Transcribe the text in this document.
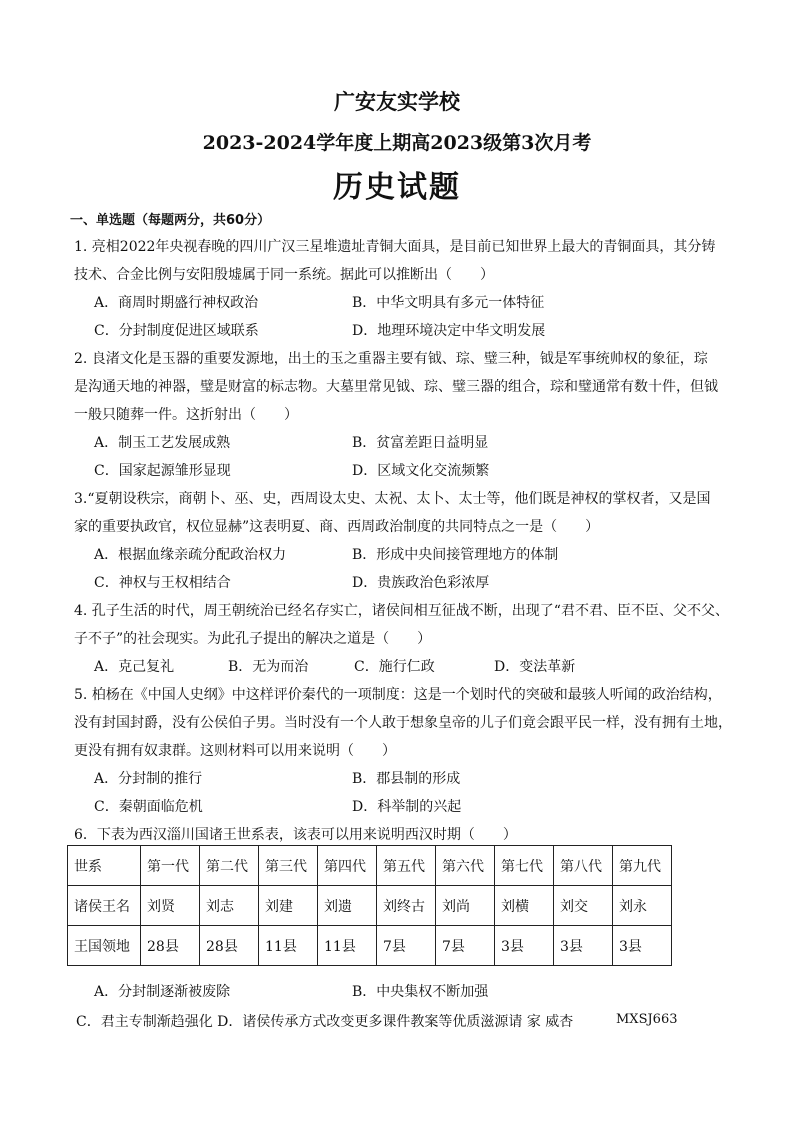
广安友实学校
2023-2024学年度上期高2023级第3次月考
历史试题
一、单选题（每题两分，共60分）
1. 亮相2022年央视春晚的四川广汉三星堆遗址青铜大面具，是目前已知世界上最大的青铜面具，其分铸
技术、合金比例与安阳殷墟属于同一系统。据此可以推断出（　　）
A．商周时期盛行神权政治	B．中华文明具有多元一体特征
C．分封制度促进区域联系	D．地理环境决定中华文明发展
2. 良渚文化是玉器的重要发源地，出土的玉之重器主要有钺、琮、璧三种，钺是军事统帅权的象征，琮
是沟通天地的神器，璧是财富的标志物。大墓里常见钺、琮、璧三器的组合，琮和璧通常有数十件，但钺
一般只随葬一件。这折射出（　　）
A．制玉工艺发展成熟	B．贫富差距日益明显
C．国家起源雏形显现	D．区域文化交流频繁
3.“夏朝设秩宗，商朝卜、巫、史，西周设太史、太祝、太卜、太士等，他们既是神权的掌权者，又是国
家的重要执政官，权位显赫”这表明夏、商、西周政治制度的共同特点之一是（　　）
A．根据血缘亲疏分配政治权力	B．形成中央间接管理地方的体制
C．神权与王权相结合	D．贵族政治色彩浓厚
4. 孔子生活的时代，周王朝统治已经名存实亡，诸侯间相互征战不断，出现了“君不君、臣不臣、父不父、
子不子”的社会现实。为此孔子提出的解决之道是（　　）
A．克己复礼	B．无为而治	C．施行仁政	D．变法革新
5. 柏杨在《中国人史纲》中这样评价秦代的一项制度：这是一个划时代的突破和最骇人听闻的政治结构，
没有封国封爵，没有公侯伯子男。当时没有一个人敢于想象皇帝的儿子们竟会跟平民一样，没有拥有土地，
更没有拥有奴隶群。这则材料可以用来说明（　　）
A．分封制的推行	B．郡县制的形成
C．秦朝面临危机	D．科举制的兴起
6．下表为西汉淄川国诸王世系表，该表可以用来说明西汉时期（　　）
世系	第一代	第二代	第三代	第四代	第五代	第六代	第七代	第八代	第九代
诸侯王名	刘贤	刘志	刘建	刘遗	刘终古	刘尚	刘横	刘交	刘永
王国领地	28县	28县	11县	11县	7县	7县	3县	3县	3县
A．分封制逐渐被废除	B．中央集权不断加强
C．君主专制渐趋强化 D．诸侯传承方式改变更多课件教案等优质滋源请 家 威杏	MXSJ663
